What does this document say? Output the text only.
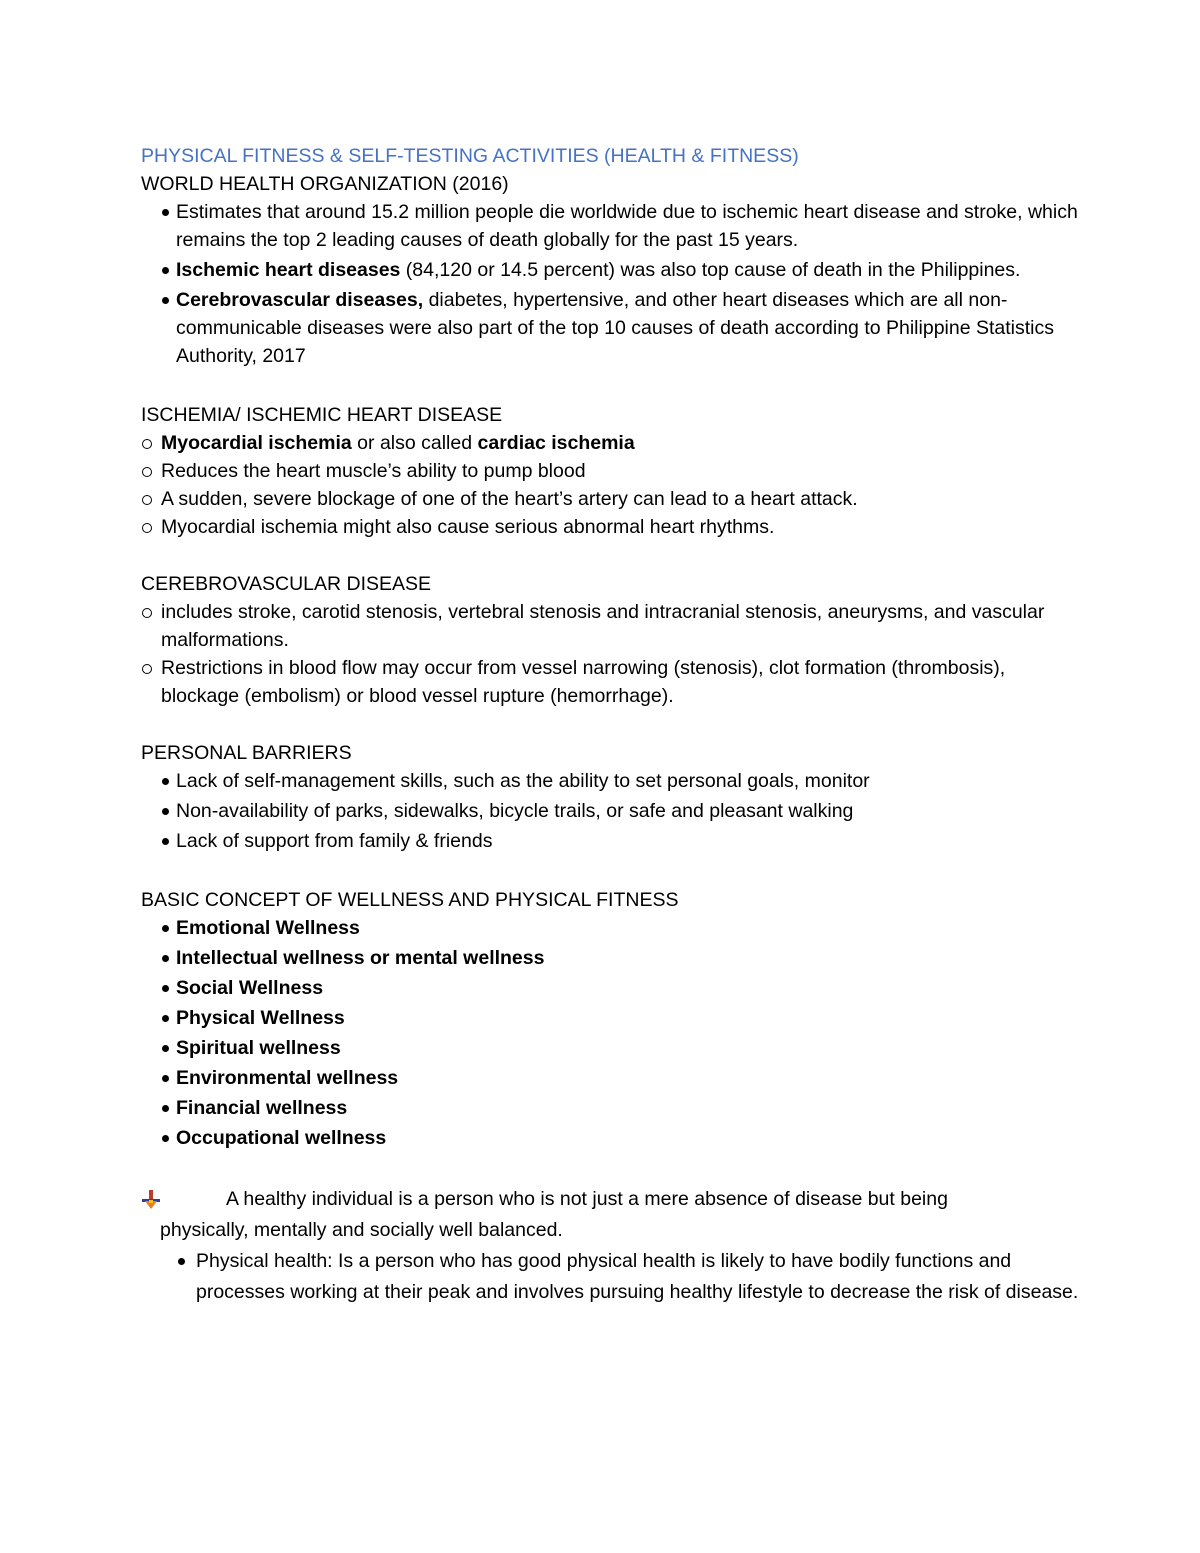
PHYSICAL FITNESS & SELF-TESTING ACTIVITIES (HEALTH & FITNESS)
WORLD HEALTH ORGANIZATION (2016)
Estimates that around 15.2 million people die worldwide due to ischemic heart disease and stroke, which remains the top 2 leading causes of death globally for the past 15 years.
Ischemic heart diseases (84,120 or 14.5 percent) was also top cause of death in the Philippines.
Cerebrovascular diseases, diabetes, hypertensive, and other heart diseases which are all non-communicable diseases were also part of the top 10 causes of death according to Philippine Statistics Authority, 2017
ISCHEMIA/ ISCHEMIC HEART DISEASE
Myocardial ischemia or also called cardiac ischemia
Reduces the heart muscle’s ability to pump blood
A sudden, severe blockage of one of the heart’s artery can lead to a heart attack.
Myocardial ischemia might also cause serious abnormal heart rhythms.
CEREBROVASCULAR DISEASE
includes stroke, carotid stenosis, vertebral stenosis and intracranial stenosis, aneurysms, and vascular malformations.
Restrictions in blood flow may occur from vessel narrowing (stenosis), clot formation (thrombosis), blockage (embolism) or blood vessel rupture (hemorrhage).
PERSONAL BARRIERS
Lack of self-management skills, such as the ability to set personal goals, monitor
Non-availability of parks, sidewalks, bicycle trails, or safe and pleasant walking
Lack of support from family & friends
BASIC CONCEPT OF WELLNESS AND PHYSICAL FITNESS
Emotional Wellness
Intellectual wellness or mental wellness
Social Wellness
Physical Wellness
Spiritual wellness
Environmental wellness
Financial wellness
Occupational wellness
A healthy individual is a person who is not just a mere absence of disease but being
physically, mentally and socially well balanced.
Physical health: Is a person who has good physical health is likely to have bodily functions and processes working at their peak and involves pursuing healthy lifestyle to decrease the risk of disease.
